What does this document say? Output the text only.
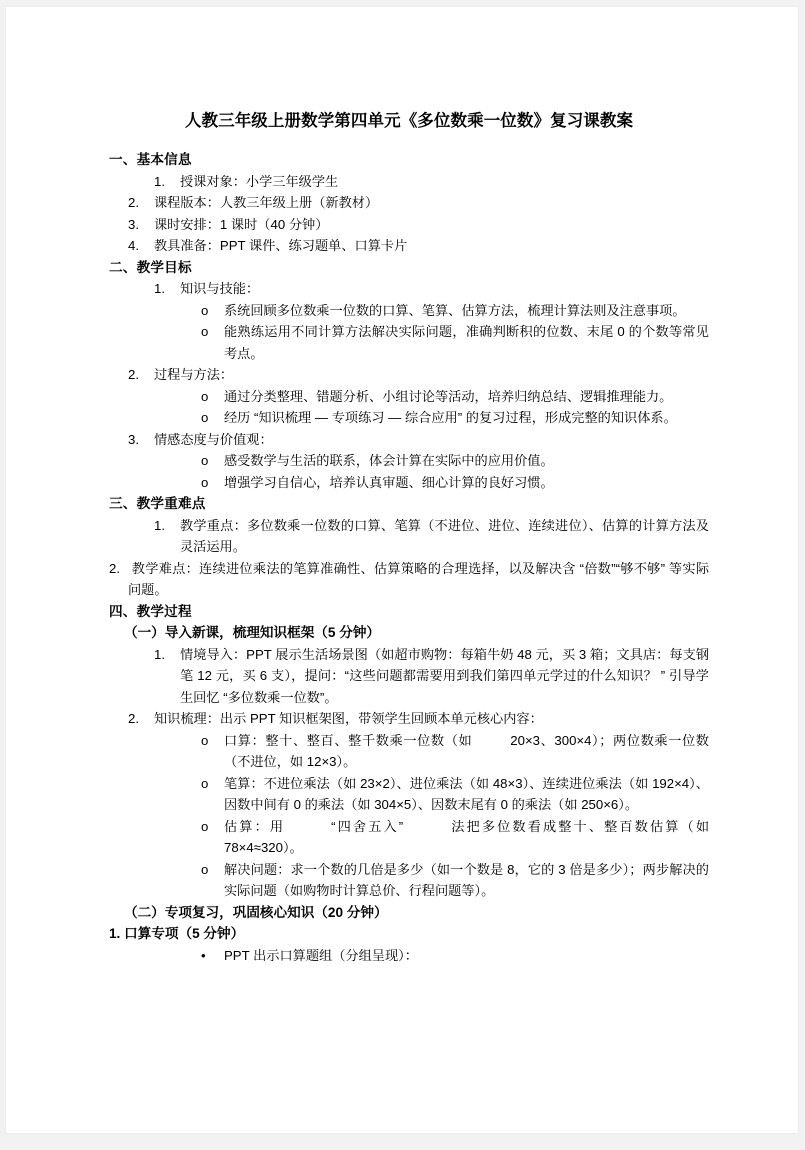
人教三年级上册数学第四单元《多位数乘一位数》复习课教案
一、基本信息
1.	授课对象：小学三年级学生
2.	课程版本：人教三年级上册（新教材）
3.	课时安排：1 课时（40 分钟）
4.	教具准备：PPT 课件、练习题单、口算卡片
二、教学目标
1.	知识与技能：
o	系统回顾多位数乘一位数的口算、笔算、估算方法，梳理计算法则及注意事项。
o	能熟练运用不同计算方法解决实际问题，准确判断积的位数、末尾 0 的个数等常见考点。
2.	过程与方法：
o	通过分类整理、错题分析、小组讨论等活动，培养归纳总结、逻辑推理能力。
o	经历 “知识梳理 — 专项练习 — 综合应用” 的复习过程，形成完整的知识体系。
3.	情感态度与价值观：
o	感受数学与生活的联系，体会计算在实际中的应用价值。
o	增强学习自信心，培养认真审题、细心计算的良好习惯。
三、教学重难点
1.	教学重点：多位数乘一位数的口算、笔算（不进位、进位、连续进位）、估算的计算方法及灵活运用。
2. 教学难点：连续进位乘法的笔算准确性、估算策略的合理选择，以及解决含 “倍数”“够不够” 等实际问题。
四、教学过程
（一）导入新课，梳理知识框架（5 分钟）
1.	情境导入：PPT 展示生活场景图（如超市购物：每箱牛奶 48 元，买 3 箱；文具店：每支钢笔 12 元，买 6 支），提问：“这些问题都需要用到我们第四单元学过的什么知识？ ” 引导学生回忆 “多位数乘一位数”。
2.	知识梳理：出示 PPT 知识框架图，带领学生回顾本单元核心内容：
o	口算：整十、整百、整千数乘一位数（如	20×3、300×4）；两位数乘一位数（不进位，如 12×3）。
o	笔算：不进位乘法（如 23×2）、进位乘法（如 48×3）、连续进位乘法（如 192×4）、因数中间有 0 的乘法（如 304×5）、因数末尾有 0 的乘法（如 250×6）。
o	估算：用	“四舍五入”	法把多位数看成整十、整百数估算（如 78×4≈320）。
o	解决问题：求一个数的几倍是多少（如一个数是 8，它的 3 倍是多少）；两步解决的实际问题（如购物时计算总价、行程问题等）。
（二）专项复习，巩固核心知识（20 分钟）
1. 口算专项（5 分钟）
•	PPT 出示口算题组（分组呈现）：
